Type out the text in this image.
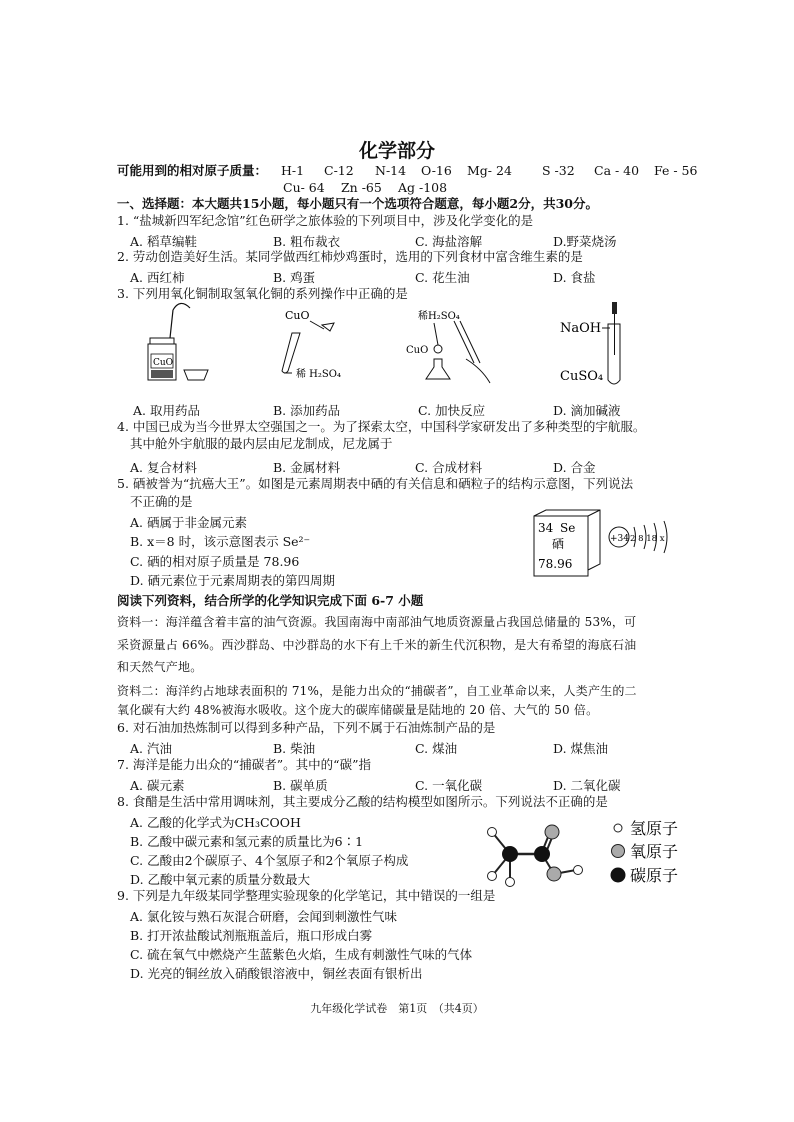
化学部分
可能用到的相对原子质量： H-1 C-12 N-14 O-16 Mg- 24 S -32 Ca - 40 Fe - 56
Cu- 64 Zn -65 Ag -108
一、选择题：本大题共15小题，每小题只有一个选项符合题意，每小题2分，共30分。
1. “盐城新四军纪念馆”红色研学之旅体验的下列项目中，涉及化学变化的是
A. 稻草编鞋	B. 粗布裁衣	C. 海盐溶解	D.野菜烧汤
2. 劳动创造美好生活。某同学做西红柿炒鸡蛋时，选用的下列食材中富含维生素的是
A. 西红柿	B. 鸡蛋	C. 花生油	D. 食盐
3. 下列用氧化铜制取氢氧化铜的系列操作中正确的是
CuO
CuO
稀 H₂SO₄
稀H₂SO₄
CuO
NaOH
CuSO₄
A. 取用药品	B. 添加药品	C. 加快反应	D. 滴加碱液
4. 中国已成为当今世界太空强国之一。为了探索太空，中国科学家研发出了多种类型的宇航服。
其中舱外宇航服的最内层由尼龙制成，尼龙属于
A. 复合材料	B. 金属材料	C. 合成材料	D. 合金
5. 硒被誉为“抗癌大王”。如图是元素周期表中硒的有关信息和硒粒子的结构示意图，下列说法
不正确的是
A. 硒属于非金属元素
B. x＝8 时，该示意图表示 Se²⁻
C. 硒的相对原子质量是 78.96
D. 硒元素位于元素周期表的第四周期
34 Se
硒
78.96
+34 2 8 18 x
阅读下列资料，结合所学的化学知识完成下面 6-7 小题
资料一：海洋蕴含着丰富的油气资源。我国南海中南部油气地质资源量占我国总储量的 53%，可
采资源量占 66%。西沙群岛、中沙群岛的水下有上千米的新生代沉积物，是大有希望的海底石油
和天然气产地。
资料二：海洋约占地球表面积的 71%，是能力出众的“捕碳者”，自工业革命以来，人类产生的二
氧化碳有大约 48%被海水吸收。这个庞大的碳库储碳量是陆地的 20 倍、大气的 50 倍。
6. 对石油加热炼制可以得到多种产品，下列不属于石油炼制产品的是
A. 汽油	B. 柴油	C. 煤油	D. 煤焦油
7. 海洋是能力出众的“捕碳者”。其中的“碳”指
A. 碳元素	B. 碳单质	C. 一氧化碳	D. 二氧化碳
8. 食醋是生活中常用调味剂，其主要成分乙酸的结构模型如图所示。下列说法不正确的是
A. 乙酸的化学式为CH₃COOH
B. 乙酸中碳元素和氢元素的质量比为6∶1
C. 乙酸由2个碳原子、4个氢原子和2个氧原子构成
D. 乙酸中氧元素的质量分数最大
氢原子
氧原子
碳原子
9. 下列是九年级某同学整理实验现象的化学笔记，其中错误的一组是
A. 氯化铵与熟石灰混合研磨，会闻到刺激性气味
B. 打开浓盐酸试剂瓶瓶盖后，瓶口形成白雾
C. 硫在氧气中燃烧产生蓝紫色火焰，生成有刺激性气味的气体
D. 光亮的铜丝放入硝酸银溶液中，铜丝表面有银析出
九年级化学试卷　第1页　（共4页）
